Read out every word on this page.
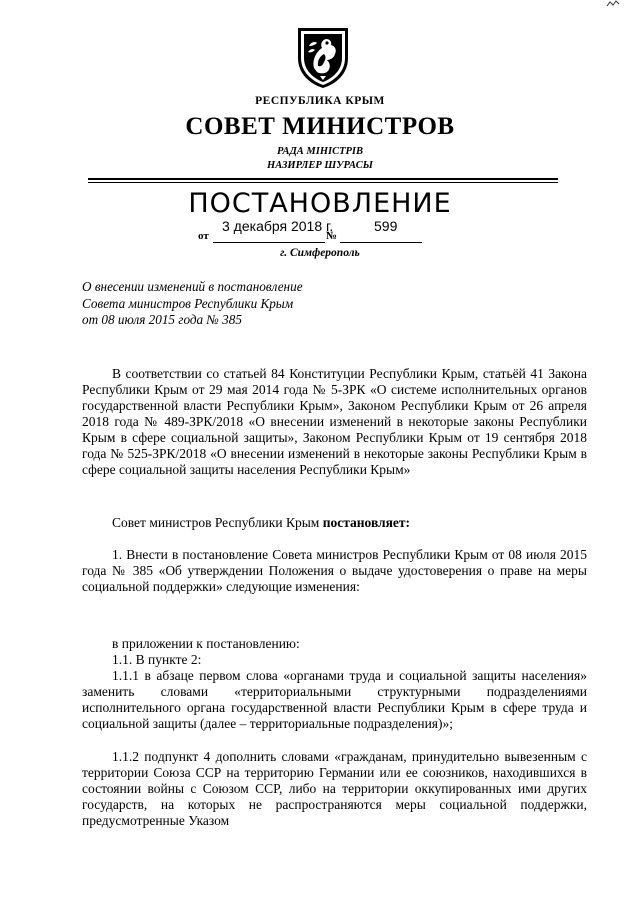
РЕСПУБЛИКА КРЫМ
СОВЕТ МИНИСТРОВ
РАДА МІНІСТРІВ
НАЗИРЛЕР ШУРАСЫ
ПОСТАНОВЛЕНИЕ
3 декабря 2018 г.	599
от	№
г. Симферополь
О внесении изменений в постановление
Совета министров Республики Крым
от 08 июля 2015 года № 385
В соответствии со статьей 84 Конституции Республики Крым, статьёй 41 Закона Республики Крым от 29 мая 2014 года № 5-ЗРК «О системе исполнительных органов государственной власти Республики Крым», Законом Республики Крым от 26 апреля 2018 года № 489-ЗРК/2018 «О внесении изменений в некоторые законы Республики Крым в сфере социальной защиты», Законом Республики Крым от 19 сентября 2018 года № 525-ЗРК/2018 «О внесении изменений в некоторые законы Республики Крым в сфере социальной защиты населения Республики Крым»
Совет министров Республики Крым постановляет:
1. Внести в постановление Совета министров Республики Крым от 08 июля 2015 года № 385 «Об утверждении Положения о выдаче удостоверения о праве на меры социальной поддержки» следующие изменения:
в приложении к постановлению:
1.1. В пункте 2:
1.1.1 в абзаце первом слова «органами труда и социальной защиты населения» заменить словами «территориальными структурными подразделениями исполнительного органа государственной власти Республики Крым в сфере труда и социальной защиты (далее – территориальные подразделения)»;
1.1.2 подпункт 4 дополнить словами «гражданам, принудительно вывезенным с территории Союза ССР на территорию Германии или ее союзников, находившихся в состоянии войны с Союзом ССР, либо на территории оккупированных ими других государств, на которых не распространяются меры социальной поддержки, предусмотренные Указом
